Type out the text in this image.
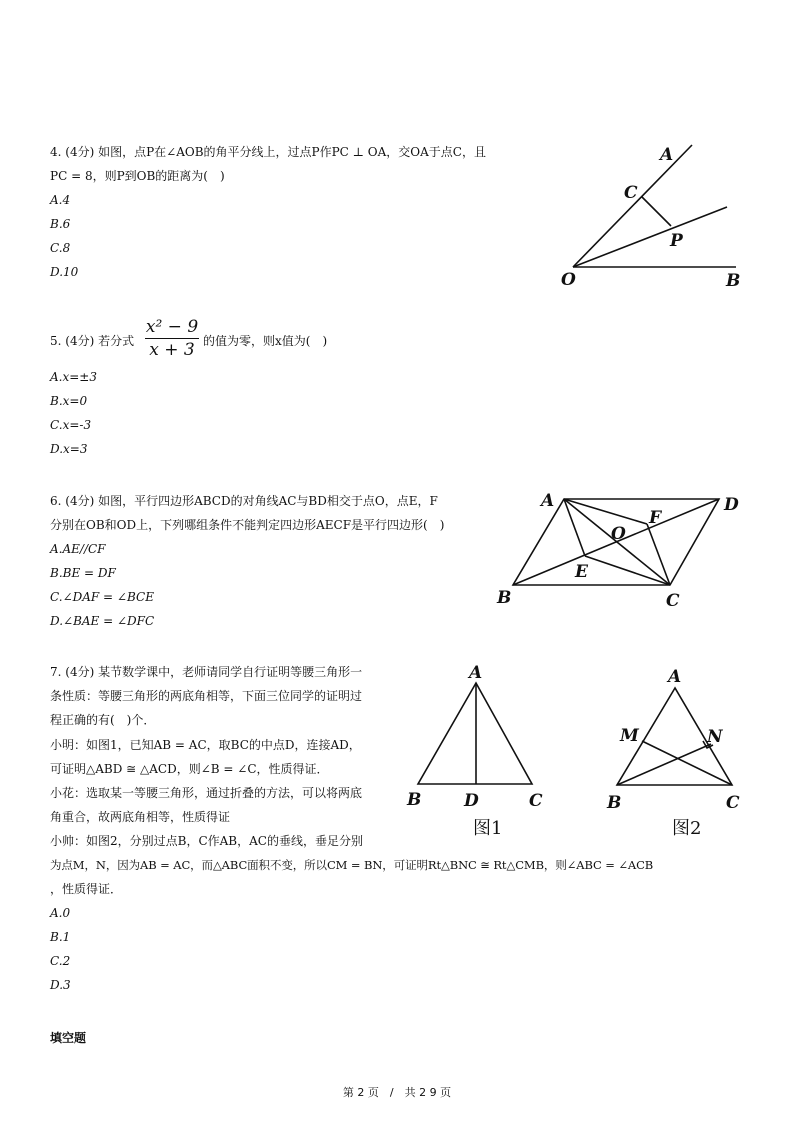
4. (4分) 如图，点P在∠AOB的角平分线上，过点P作PC ⊥ OA，交OA于点C，且
PC = 8，则P到OB的距离为(　)
A.4
B.6
C.8
D.10
A
C
P
O	B
5. (4分) 若分式
x² − 9
x + 3 的值为零，则x值为(　)
A.x=±3
B.x=0
C.x=-3
D.x=3
6. (4分) 如图，平行四边形ABCD的对角线AC与BD相交于点O，点E，F
分别在OB和OD上，下列哪组条件不能判定四边形AECF是平行四边形(　)
A.AE//CF
B.BE = DF
C.∠DAF = ∠BCE
D.∠BAE = ∠DFC
A	D
O
F
E
B	C
7. (4分) 某节数学课中，老师请同学自行证明等腰三角形一
条性质：等腰三角形的两底角相等，下面三位同学的证明过
程正确的有(　)个．
小明：如图1，已知AB = AC，取BC的中点D，连接AD，
可证明△ABD ≅ △ACD，则∠B = ∠C，性质得证．
小花：选取某一等腰三角形，通过折叠的方法，可以将两底
角重合，故两底角相等，性质得证
小帅：如图2，分别过点B，C作AB，AC的垂线，垂足分别
为点M，N，因为AB = AC，而△ABC面积不变，所以CM = BN，可证明Rt△BNC ≅ Rt△CMB，则∠ABC = ∠ACB
，性质得证．
A.0
B.1
C.2
D.3
A
B	D	C
图1
A
M	N
B	C
图2
填空题
第 2 页　/　共 2 9 页
